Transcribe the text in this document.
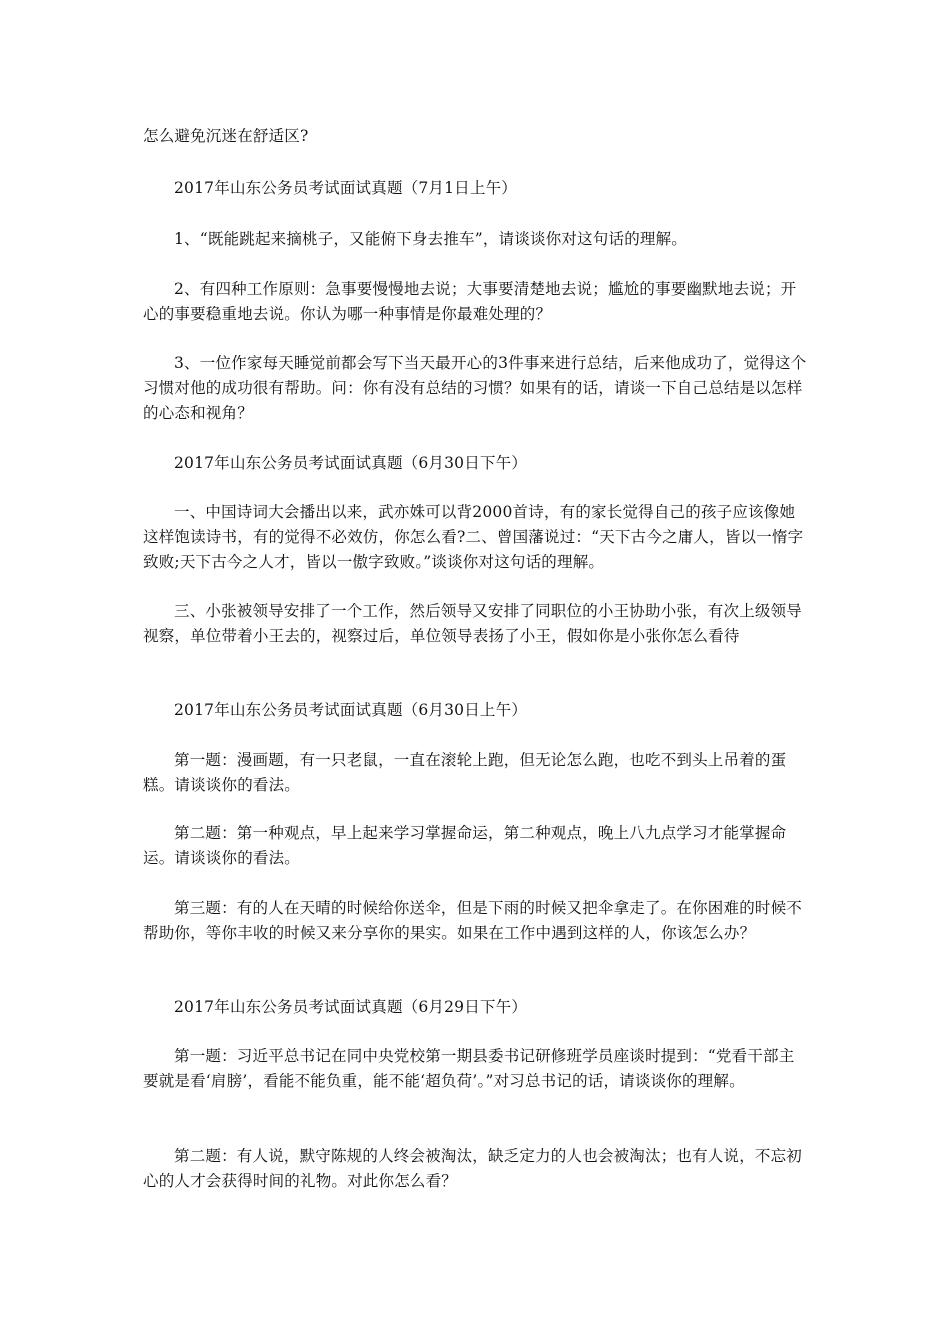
怎么避免沉迷在舒适区?

2017年山东公务员考试面试真题（7月1日上午）

1、“既能跳起来摘桃子，又能俯下身去推车”，请谈谈你对这句话的理解。

2、有四种工作原则：急事要慢慢地去说；大事要清楚地去说；尴尬的事要幽默地去说；开心的事要稳重地去说。你认为哪一种事情是你最难处理的？

3、一位作家每天睡觉前都会写下当天最开心的3件事来进行总结，后来他成功了，觉得这个习惯对他的成功很有帮助。问：你有没有总结的习惯？如果有的话，请谈一下自己总结是以怎样的心态和视角？

2017年山东公务员考试面试真题（6月30日下午）

一、中国诗词大会播出以来，武亦姝可以背2000首诗，有的家长觉得自己的孩子应该像她这样饱读诗书，有的觉得不必效仿，你怎么看?二、曾国藩说过：“天下古今之庸人，皆以一惰字致败;天下古今之人才，皆以一傲字致败。”谈谈你对这句话的理解。

三、小张被领导安排了一个工作，然后领导又安排了同职位的小王协助小张，有次上级领导视察，单位带着小王去的，视察过后，单位领导表扬了小王，假如你是小张你怎么看待

2017年山东公务员考试面试真题（6月30日上午）

第一题：漫画题，有一只老鼠，一直在滚轮上跑，但无论怎么跑，也吃不到头上吊着的蛋糕。请谈谈你的看法。

第二题：第一种观点，早上起来学习掌握命运，第二种观点，晚上八九点学习才能掌握命运。请谈谈你的看法。

第三题：有的人在天晴的时候给你送伞，但是下雨的时候又把伞拿走了。在你困难的时候不帮助你，等你丰收的时候又来分享你的果实。如果在工作中遇到这样的人，你该怎么办？

2017年山东公务员考试面试真题（6月29日下午）

第一题：习近平总书记在同中央党校第一期县委书记研修班学员座谈时提到：“党看干部主要就是看‘肩膀’，看能不能负重，能不能‘超负荷’。”对习总书记的话，请谈谈你的理解。

第二题：有人说，默守陈规的人终会被淘汰，缺乏定力的人也会被淘汰；也有人说，不忘初心的人才会获得时间的礼物。对此你怎么看？
